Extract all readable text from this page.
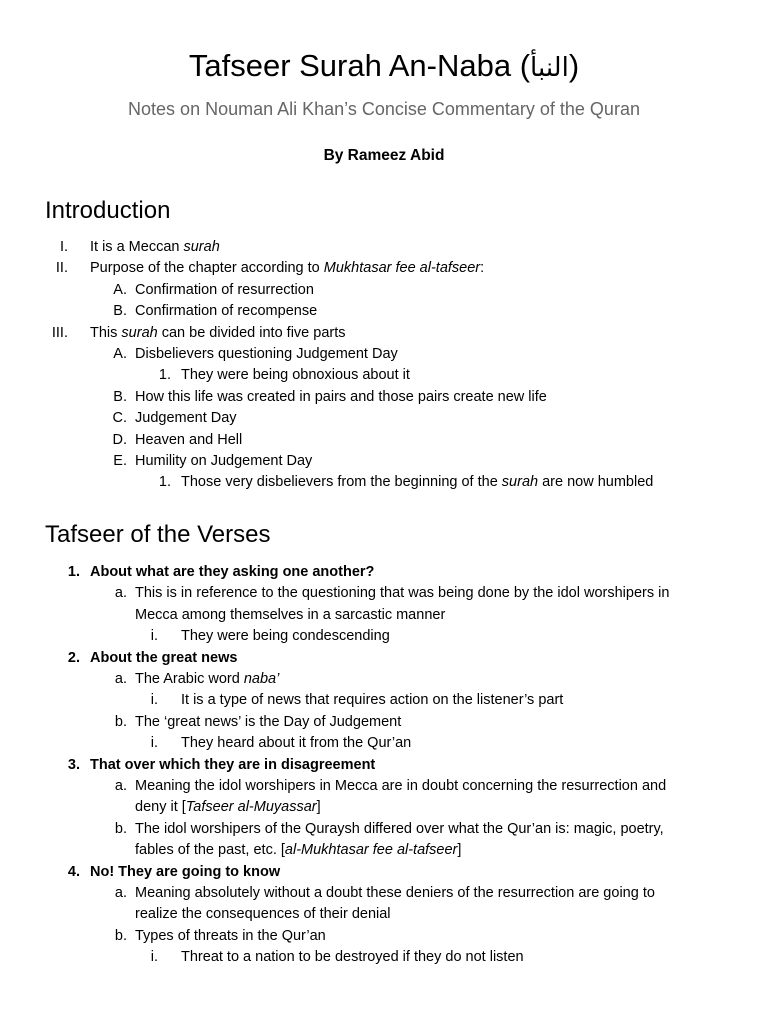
Tafseer Surah An-Naba (النبأ)
Notes on Nouman Ali Khan’s Concise Commentary of the Quran
By Rameez Abid
Introduction
I. It is a Meccan surah
II. Purpose of the chapter according to Mukhtasar fee al-tafseer:
A. Confirmation of resurrection
B. Confirmation of recompense
III. This surah can be divided into five parts
A. Disbelievers questioning Judgement Day
1. They were being obnoxious about it
B. How this life was created in pairs and those pairs create new life
C. Judgement Day
D. Heaven and Hell
E. Humility on Judgement Day
1. Those very disbelievers from the beginning of the surah are now humbled
Tafseer of the Verses
1. About what are they asking one another?
a. This is in reference to the questioning that was being done by the idol worshipers in
Mecca among themselves in a sarcastic manner
i. They were being condescending
2. About the great news
a. The Arabic word naba’
i. It is a type of news that requires action on the listener’s part
b. The ‘great news’ is the Day of Judgement
i. They heard about it from the Qur’an
3. That over which they are in disagreement
a. Meaning the idol worshipers in Mecca are in doubt concerning the resurrection and
deny it [Tafseer al-Muyassar]
b. The idol worshipers of the Quraysh differed over what the Qur’an is: magic, poetry,
fables of the past, etc. [al-Mukhtasar fee al-tafseer]
4. No! They are going to know
a. Meaning absolutely without a doubt these deniers of the resurrection are going to
realize the consequences of their denial
b. Types of threats in the Qur’an
i. Threat to a nation to be destroyed if they do not listen
